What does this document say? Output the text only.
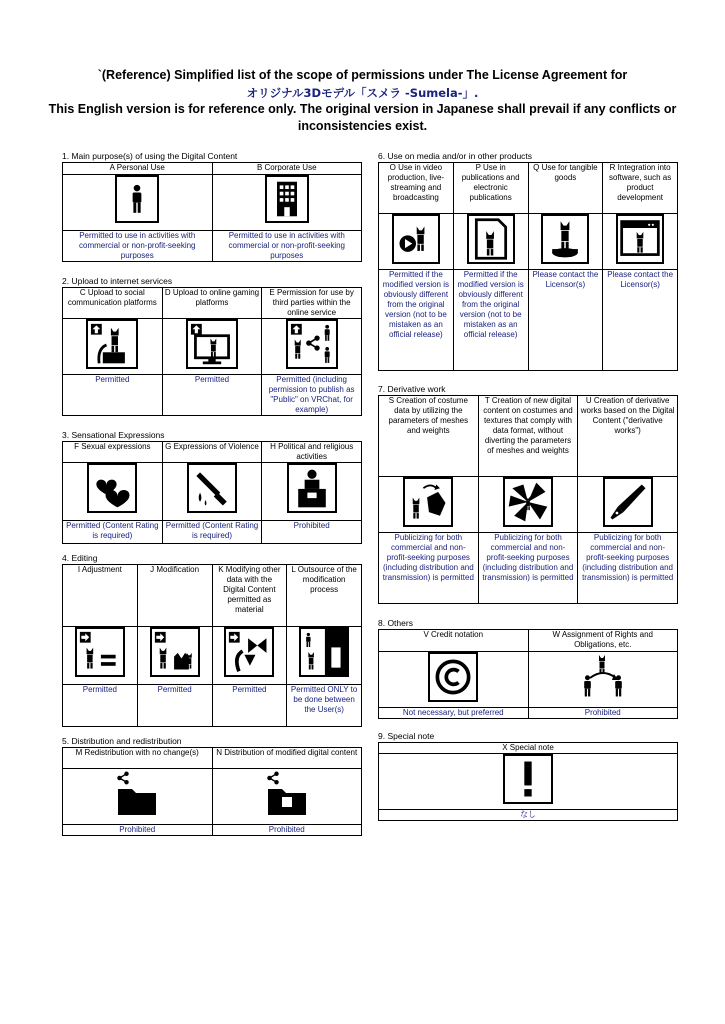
`(Reference) Simplified list of the scope of permissions under The License Agreement for
オリジナル3Dモデル「スメラ -Sumela-」.
This English version is for reference only. The original version in Japanese shall prevail if any conflicts or
inconsistencies exist.
1. Main purpose(s) of using the Digital Content
A Personal Use	B Corporate Use

Permitted to use in activities with commercial or non-profit-seeking purposes	Permitted to use in activities with commercial or non-profit-seeking purposes
2. Upload to internet services
C Upload to social communication platforms	D Upload to online gaming platforms	E Permission for use by third parties within the online service

Permitted	Permitted	Permitted (including permission to publish as "Public" on VRChat, for example)
3. Sensational Expressions
F Sexual expressions	G Expressions of Violence	H Political and religious activities

Permitted (Content Rating is required)	Permitted (Content Rating is required)	Prohibited
4. Editing
I Adjustment	J Modification	K Modifying other data with the Digital Content permitted as material	L Outsource of the modification process

Permitted	Permitted	Permitted	Permitted ONLY to be done between the User(s)
5. Distribution and redistribution
M Redistribution with no change(s)	N Distribution of modified digital content

Prohibited	Prohibited
6. Use on media and/or in other products
O Use in video production, live-streaming and broadcasting	P Use in publications and electronic publications	Q Use for tangible goods	R Integration into software, such as product development

Permitted if the modified version is obviously different from the original version (not to be mistaken as an official release)	Permitted if the modified version is obviously different from the original version (not to be mistaken as an official release)	Please contact the Licensor(s)	Please contact the Licensor(s)
7. Derivative work
S Creation of costume data by utilizing the parameters of meshes and weights	T Creation of new digital content on costumes and textures that comply with data format, without diverting the parameters of meshes and weights	U Creation of derivative works based on the Digital Content ("derivative works")

Publicizing for both commercial and non-profit-seeking purposes (including distribution and transmission) is permitted	Publicizing for both commercial and non-profit-seeking purposes (including distribution and transmission) is permitted	Publicizing for both commercial and non-profit-seeking purposes (including distribution and transmission) is permitted
8. Others
V Credit notation	W Assignment of Rights and Obligations, etc.

Not necessary, but preferred	Prohibited
9. Special note
X Special note

なし
